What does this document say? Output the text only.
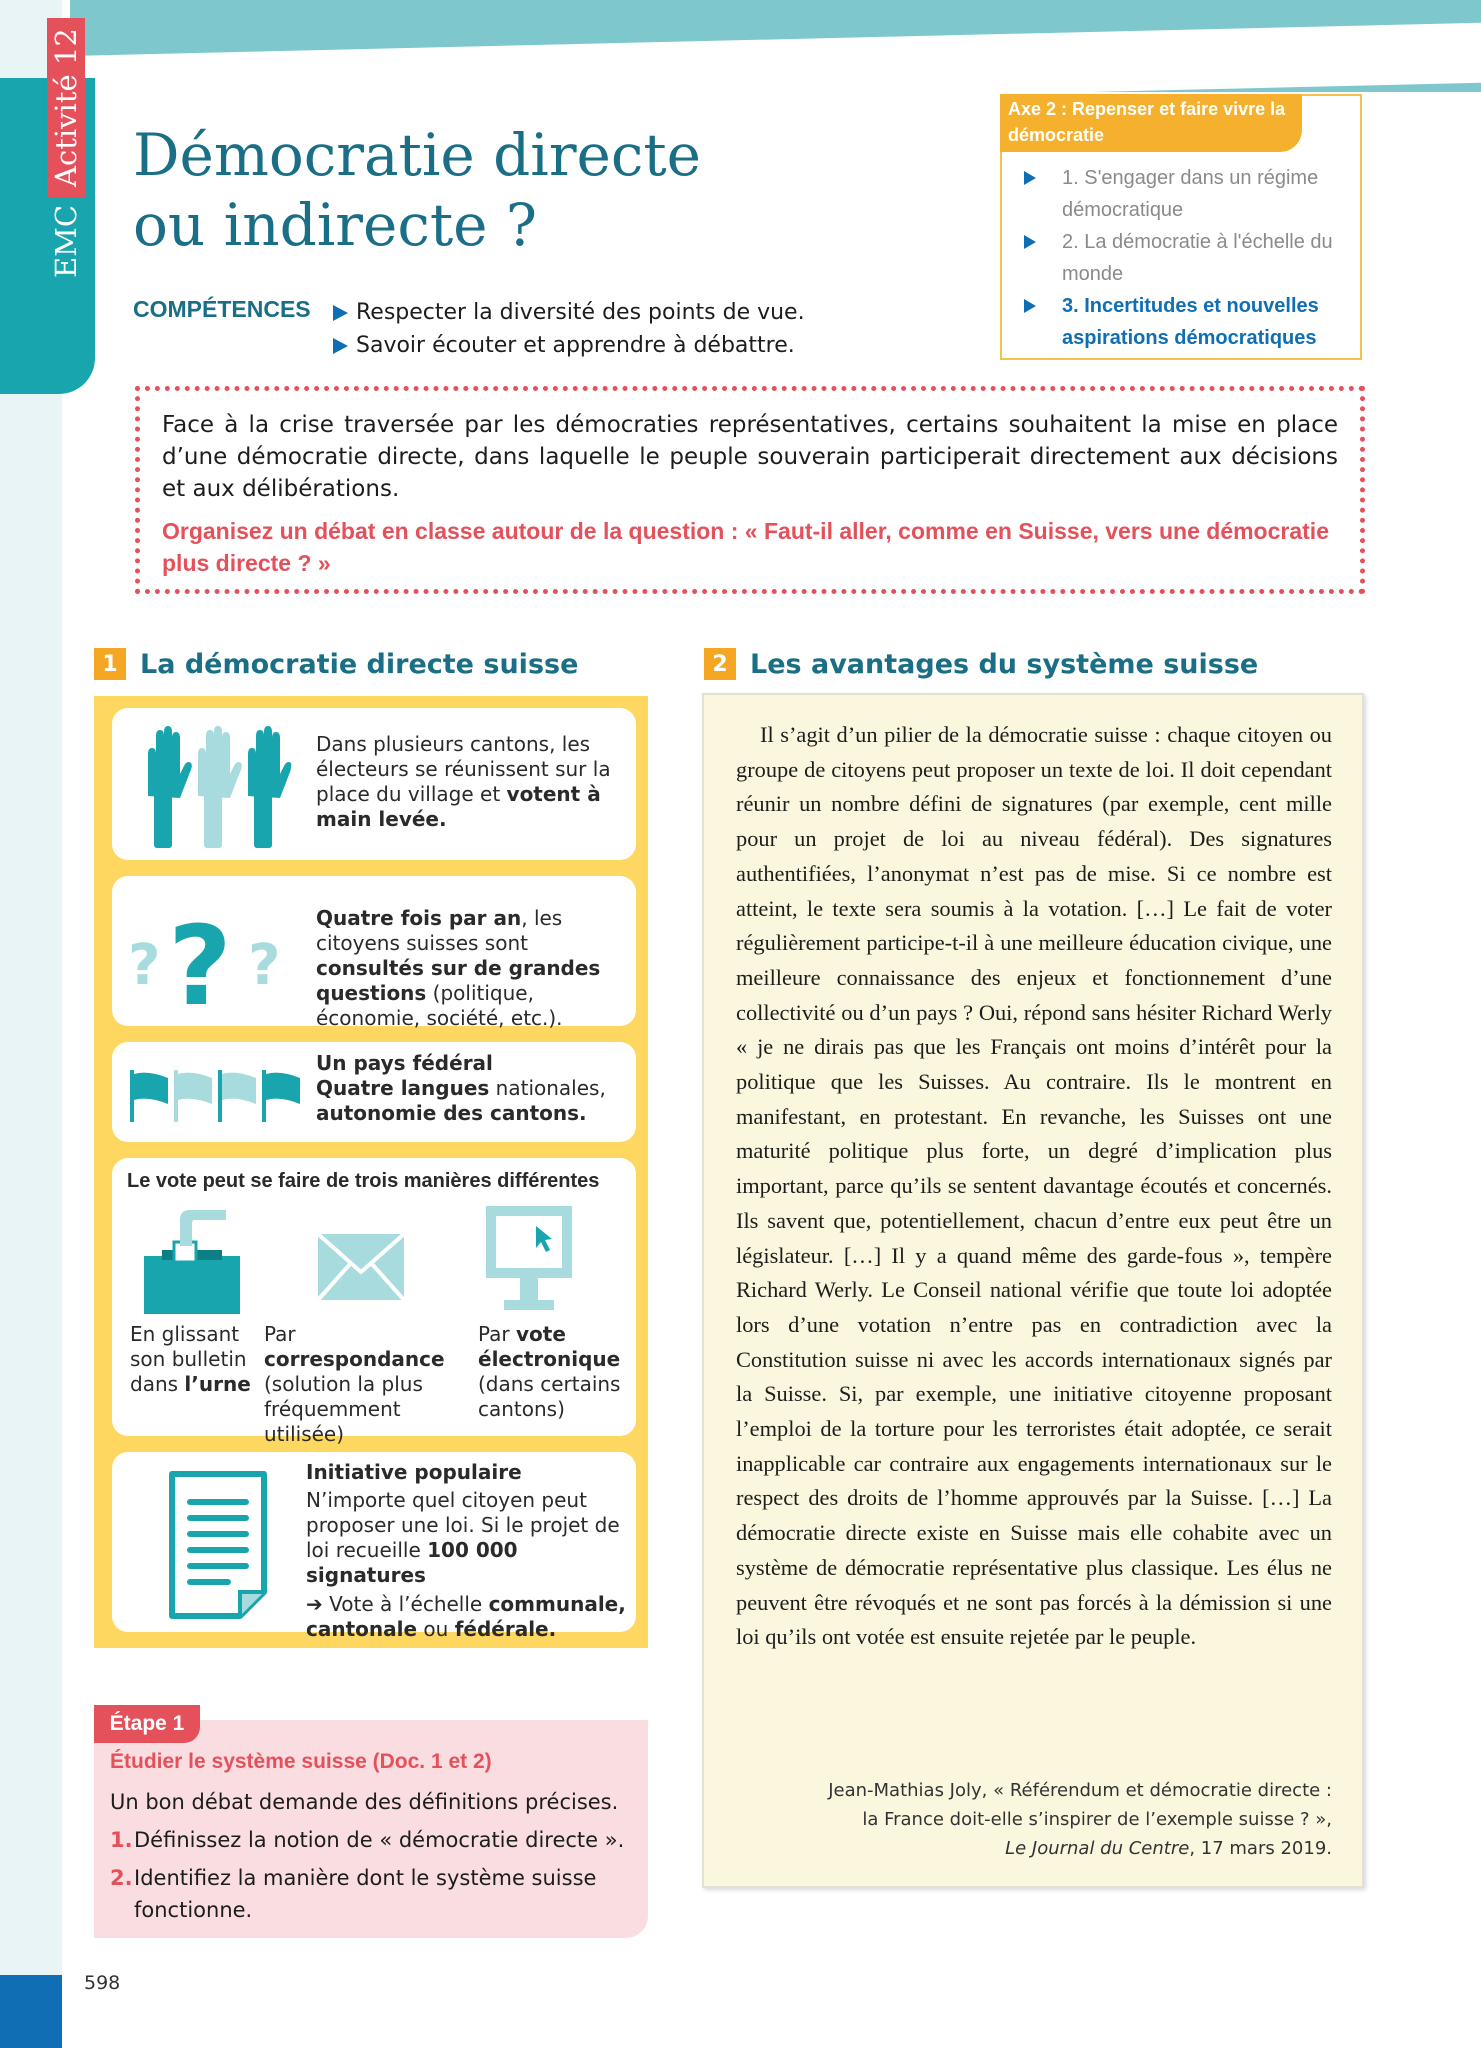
EMC
Activité 12 Démocratie directe
ou indirecte ?
COMPÉTENCES Respecter la diversité des points de vue.
Savoir écouter et apprendre à débattre.
Axe 2 : Repenser et faire vivre la démocratie
1. S'engager dans un régime démocratique
2. La démocratie à l'échelle du monde
3. Incertitudes et nouvelles aspirations démocratiques

Face à la crise traversée par les démocraties représentatives, certains souhaitent la mise en place d’une démocratie directe, dans laquelle le peuple souverain participerait directement aux décisions et aux délibérations.

Organisez un débat en classe autour de la question : « Faut-il aller, comme en Suisse, vers une démocratie plus directe ? »

1 La démocratie directe suisse	2 Les avantages du système suisse
Dans plusieurs cantons, les électeurs se réunissent sur la place du village et votent à main levée.
? ? ?
Quatre fois par an, les citoyens suisses sont consultés sur de grandes questions (politique, économie, société, etc.).
Un pays fédéral
Quatre langues nationales,
autonomie des cantons.
Le vote peut se faire de trois manières différentes
En glissant son bulletin dans l’urne
Par correspondance (solution la plus fréquemment utilisée)
Par vote électronique (dans certains cantons)
Initiative populaire
N’importe quel citoyen peut proposer une loi. Si le projet de loi recueille 100 000 signatures
➔ Vote à l’échelle communale, cantonale ou fédérale.
Étape 1
Étudier le système suisse (Doc. 1 et 2)
Un bon débat demande des définitions précises.
1. Définissez la notion de « démocratie directe ».
2. Identifiez la manière dont le système suisse fonctionne.

Il s’agit d’un pilier de la démocratie suisse : chaque citoyen ou groupe de citoyens peut proposer un texte de loi. Il doit cependant réunir un nombre défini de signatures (par exemple, cent mille pour un projet de loi au niveau fédéral). Des signatures authentifiées, l’anonymat n’est pas de mise. Si ce nombre est atteint, le texte sera soumis à la votation. […] Le fait de voter régulièrement participe-t-il à une meilleure éducation civique, une meilleure connaissance des enjeux et fonctionnement d’une collectivité ou d’un pays ? Oui, répond sans hésiter Richard Werly « je ne dirais pas que les Français ont moins d’intérêt pour la politique que les Suisses. Au contraire. Ils le montrent en manifestant, en protestant. En revanche, les Suisses ont une maturité politique plus forte, un degré d’implication plus important, parce qu’ils se sentent davantage écoutés et concernés. Ils savent que, potentiellement, chacun d’entre eux peut être un législateur. […] Il y a quand même des garde-fous », tempère Richard Werly. Le Conseil national vérifie que toute loi adoptée lors d’une votation n’entre pas en contradiction avec la Constitution suisse ni avec les accords internationaux signés par la Suisse. Si, par exemple, une initiative citoyenne proposant l’emploi de la torture pour les terroristes était adoptée, ce serait inapplicable car contraire aux engagements internationaux sur le respect des droits de l’homme approuvés par la Suisse. […] La démocratie directe existe en Suisse mais elle cohabite avec un système de démocratie représentative plus classique. Les élus ne peuvent être révoqués et ne sont pas forcés à la démission si une loi qu’ils ont votée est ensuite rejetée par le peuple.

Jean-Mathias Joly, « Référendum et démocratie directe :
la France doit-elle s’inspirer de l’exemple suisse ? »,
Le Journal du Centre, 17 mars 2019.
598
